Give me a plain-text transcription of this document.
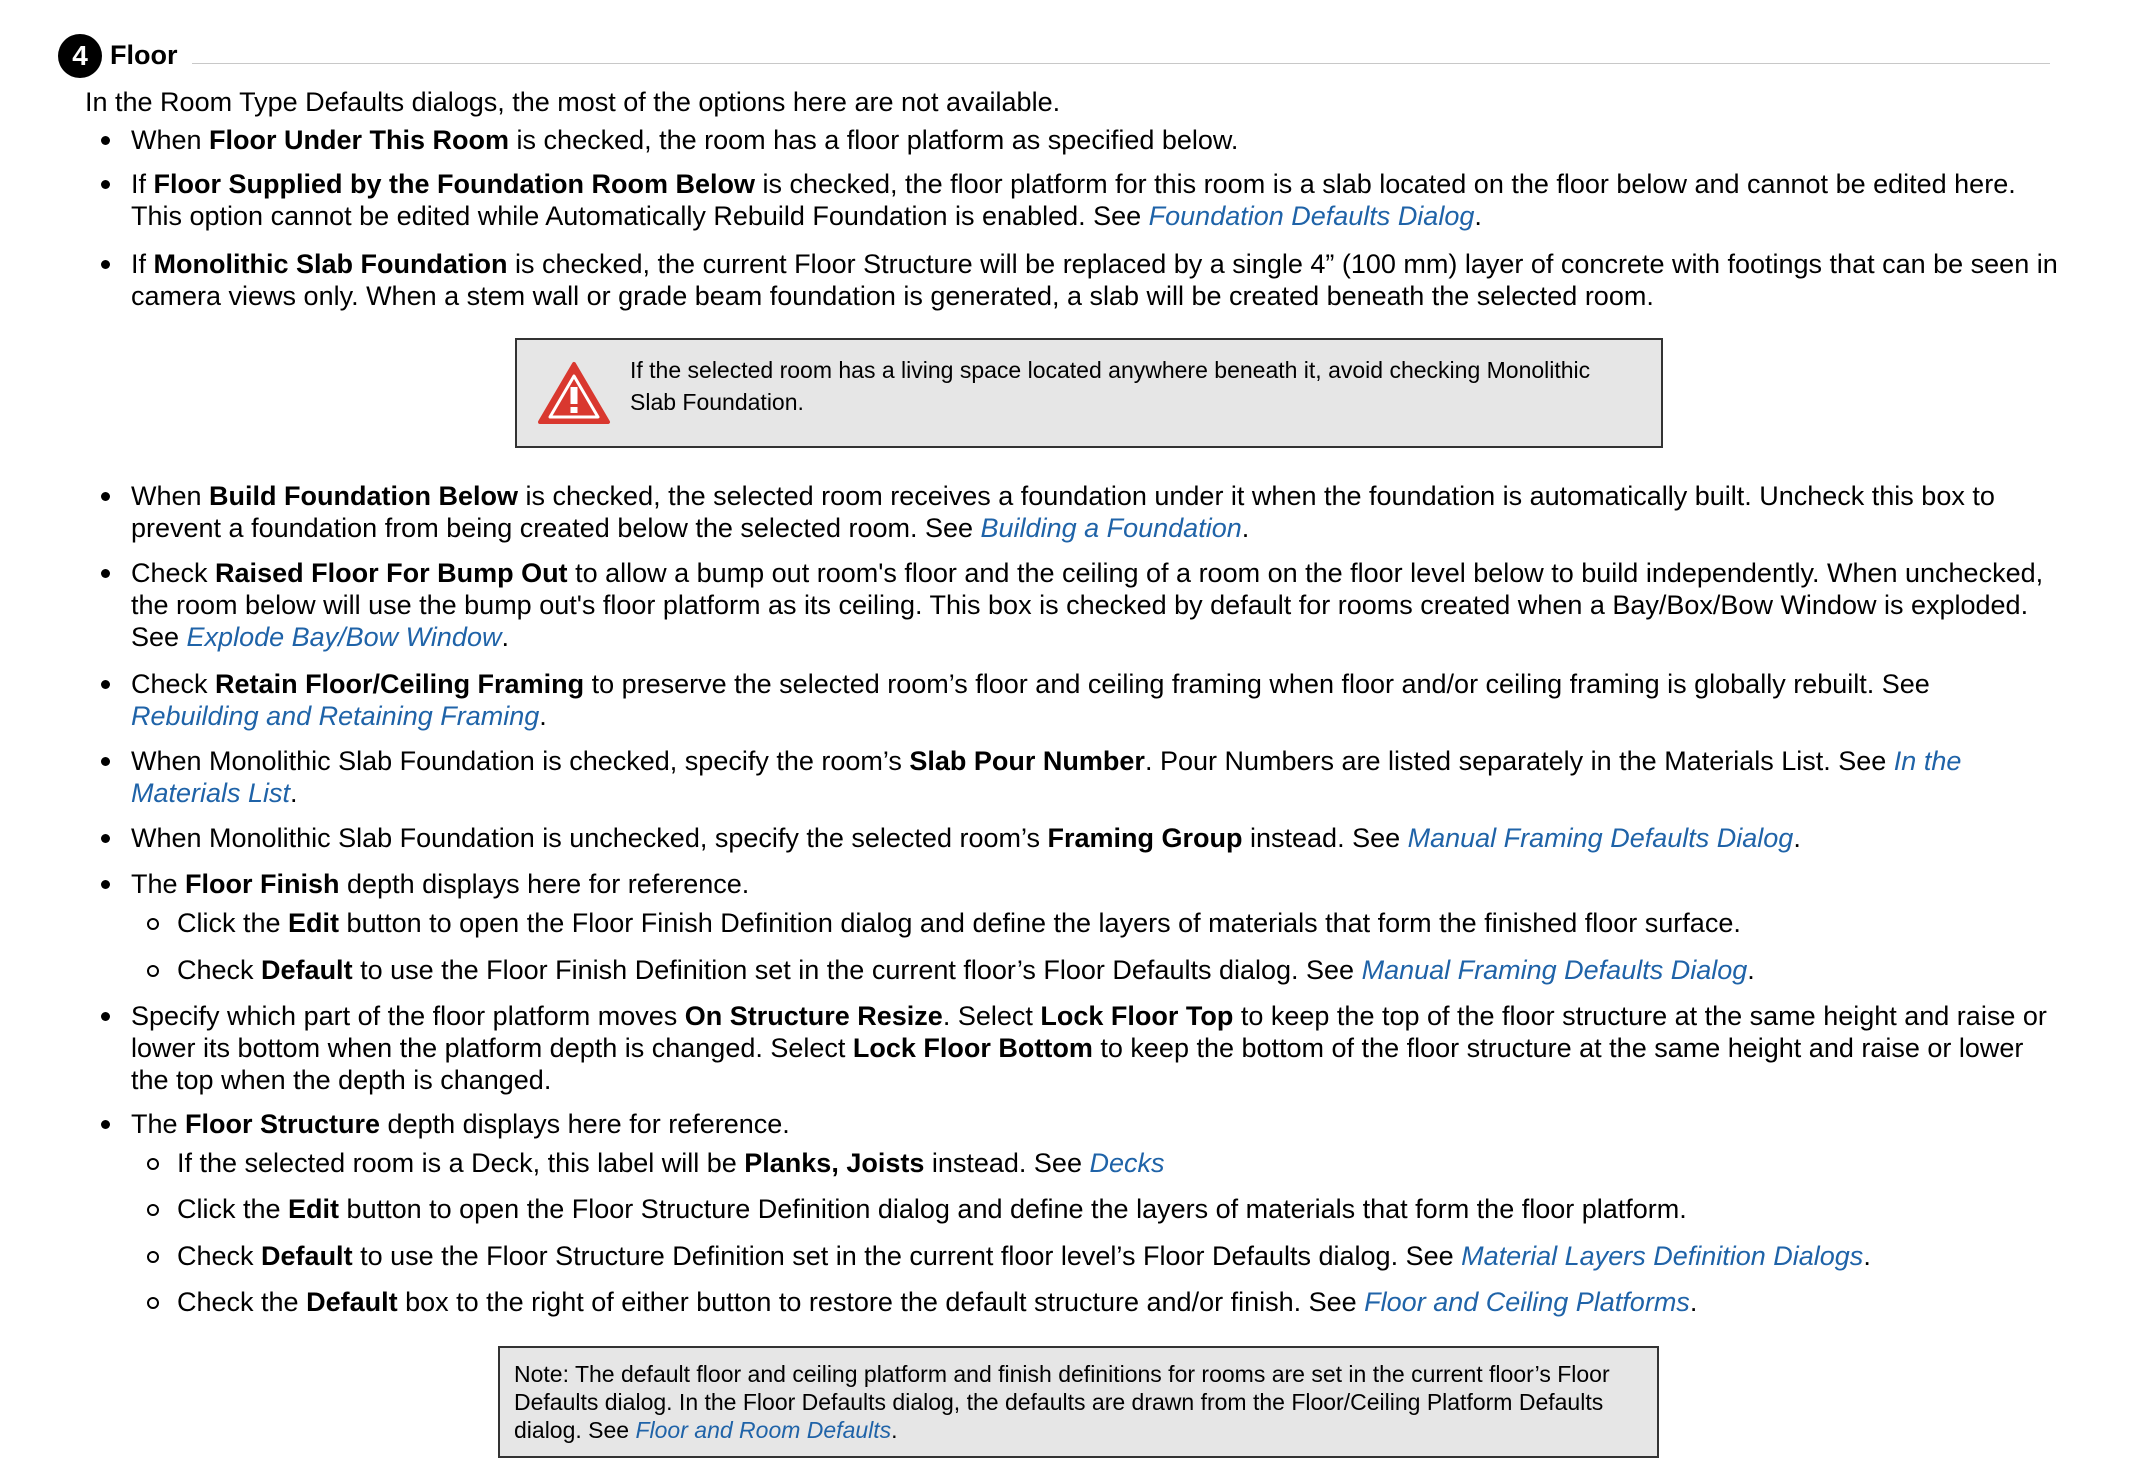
4 Floor
In the Room Type Defaults dialogs, the most of the options here are not available.
When Floor Under This Room is checked, the room has a floor platform as specified below.
If Floor Supplied by the Foundation Room Below is checked, the floor platform for this room is a slab located on the floor below and cannot be edited here. This option cannot be edited while Automatically Rebuild Foundation is enabled. See Foundation Defaults Dialog.
If Monolithic Slab Foundation is checked, the current Floor Structure will be replaced by a single 4” (100 mm) layer of concrete with footings that can be seen in camera views only. When a stem wall or grade beam foundation is generated, a slab will be created beneath the selected room.
If the selected room has a living space located anywhere beneath it, avoid checking Monolithic Slab Foundation.
When Build Foundation Below is checked, the selected room receives a foundation under it when the foundation is automatically built. Uncheck this box to prevent a foundation from being created below the selected room. See Building a Foundation.
Check Raised Floor For Bump Out to allow a bump out room's floor and the ceiling of a room on the floor level below to build independently. When unchecked, the room below will use the bump out's floor platform as its ceiling. This box is checked by default for rooms created when a Bay/Box/Bow Window is exploded. See Explode Bay/Bow Window.
Check Retain Floor/Ceiling Framing to preserve the selected room’s floor and ceiling framing when floor and/or ceiling framing is globally rebuilt. See Rebuilding and Retaining Framing.
When Monolithic Slab Foundation is checked, specify the room’s Slab Pour Number. Pour Numbers are listed separately in the Materials List. See In the Materials List.
When Monolithic Slab Foundation is unchecked, specify the selected room’s Framing Group instead. See Manual Framing Defaults Dialog.
The Floor Finish depth displays here for reference.
Click the Edit button to open the Floor Finish Definition dialog and define the layers of materials that form the finished floor surface.
Check Default to use the Floor Finish Definition set in the current floor’s Floor Defaults dialog. See Manual Framing Defaults Dialog.
Specify which part of the floor platform moves On Structure Resize. Select Lock Floor Top to keep the top of the floor structure at the same height and raise or lower its bottom when the platform depth is changed. Select Lock Floor Bottom to keep the bottom of the floor structure at the same height and raise or lower the top when the depth is changed.
The Floor Structure depth displays here for reference.
If the selected room is a Deck, this label will be Planks, Joists instead. See Decks
Click the Edit button to open the Floor Structure Definition dialog and define the layers of materials that form the floor platform.
Check Default to use the Floor Structure Definition set in the current floor level’s Floor Defaults dialog. See Material Layers Definition Dialogs.
Check the Default box to the right of either button to restore the default structure and/or finish. See Floor and Ceiling Platforms.
Note: The default floor and ceiling platform and finish definitions for rooms are set in the current floor’s Floor Defaults dialog. In the Floor Defaults dialog, the defaults are drawn from the Floor/Ceiling Platform Defaults dialog. See Floor and Room Defaults.
